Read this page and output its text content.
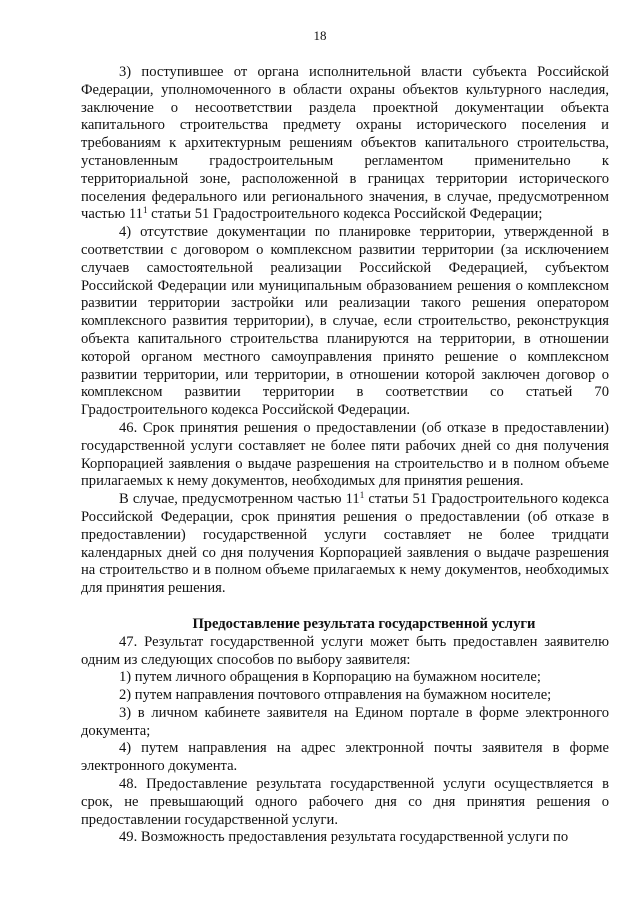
18

3) поступившее от органа исполнительной власти субъекта Российской Федерации, уполномоченного в области охраны объектов культурного наследия, заключение о несоответствии раздела проектной документации объекта капитального строительства предмету охраны исторического поселения и требованиям к архитектурным решениям объектов капитального строительства, установленным градостроительным регламентом применительно к территориальной зоне, расположенной в границах территории исторического поселения федерального или регионального значения, в случае, предусмотренном частью $11^1$ статьи 51 Градостроительного кодекса Российской Федерации;

4) отсутствие документации по планировке территории, утвержденной в соответствии с договором о комплексном развитии территории (за исключением случаев самостоятельной реализации Российской Федерацией, субъектом Российской Федерации или муниципальным образованием решения о комплексном развитии территории застройки или реализации такого решения оператором комплексного развития территории), в случае, если строительство, реконструкция объекта капитального строительства планируются на территории, в отношении которой органом местного самоуправления принято решение о комплексном развитии территории, или территории, в отношении которой заключен договор о комплексном развитии территории в соответствии со статьей 70 Градостроительного кодекса Российской Федерации.

46. Срок принятия решения о предоставлении (об отказе в предоставлении) государственной услуги составляет не более пяти рабочих дней со дня получения Корпорацией заявления о выдаче разрешения на строительство и в полном объеме прилагаемых к нему документов, необходимых для принятия решения.

В случае, предусмотренном частью $11^1$ статьи 51 Градостроительного кодекса Российской Федерации, срок принятия решения о предоставлении (об отказе в предоставлении) государственной услуги составляет не более тридцати календарных дней со дня получения Корпорацией заявления о выдаче разрешения на строительство и в полном объеме прилагаемых к нему документов, необходимых для принятия решения.

Предоставление результата государственной услуги

47. Результат государственной услуги может быть предоставлен заявителю одним из следующих способов по выбору заявителя:

1) путем личного обращения в Корпорацию на бумажном носителе;

2) путем направления почтового отправления на бумажном носителе;

3) в личном кабинете заявителя на Едином портале в форме электронного документа;

4) путем направления на адрес электронной почты заявителя в форме электронного документа.

48. Предоставление результата государственной услуги осуществляется в срок, не превышающий одного рабочего дня со дня принятия решения о предоставлении государственной услуги.

49. Возможность предоставления результата государственной услуги по
